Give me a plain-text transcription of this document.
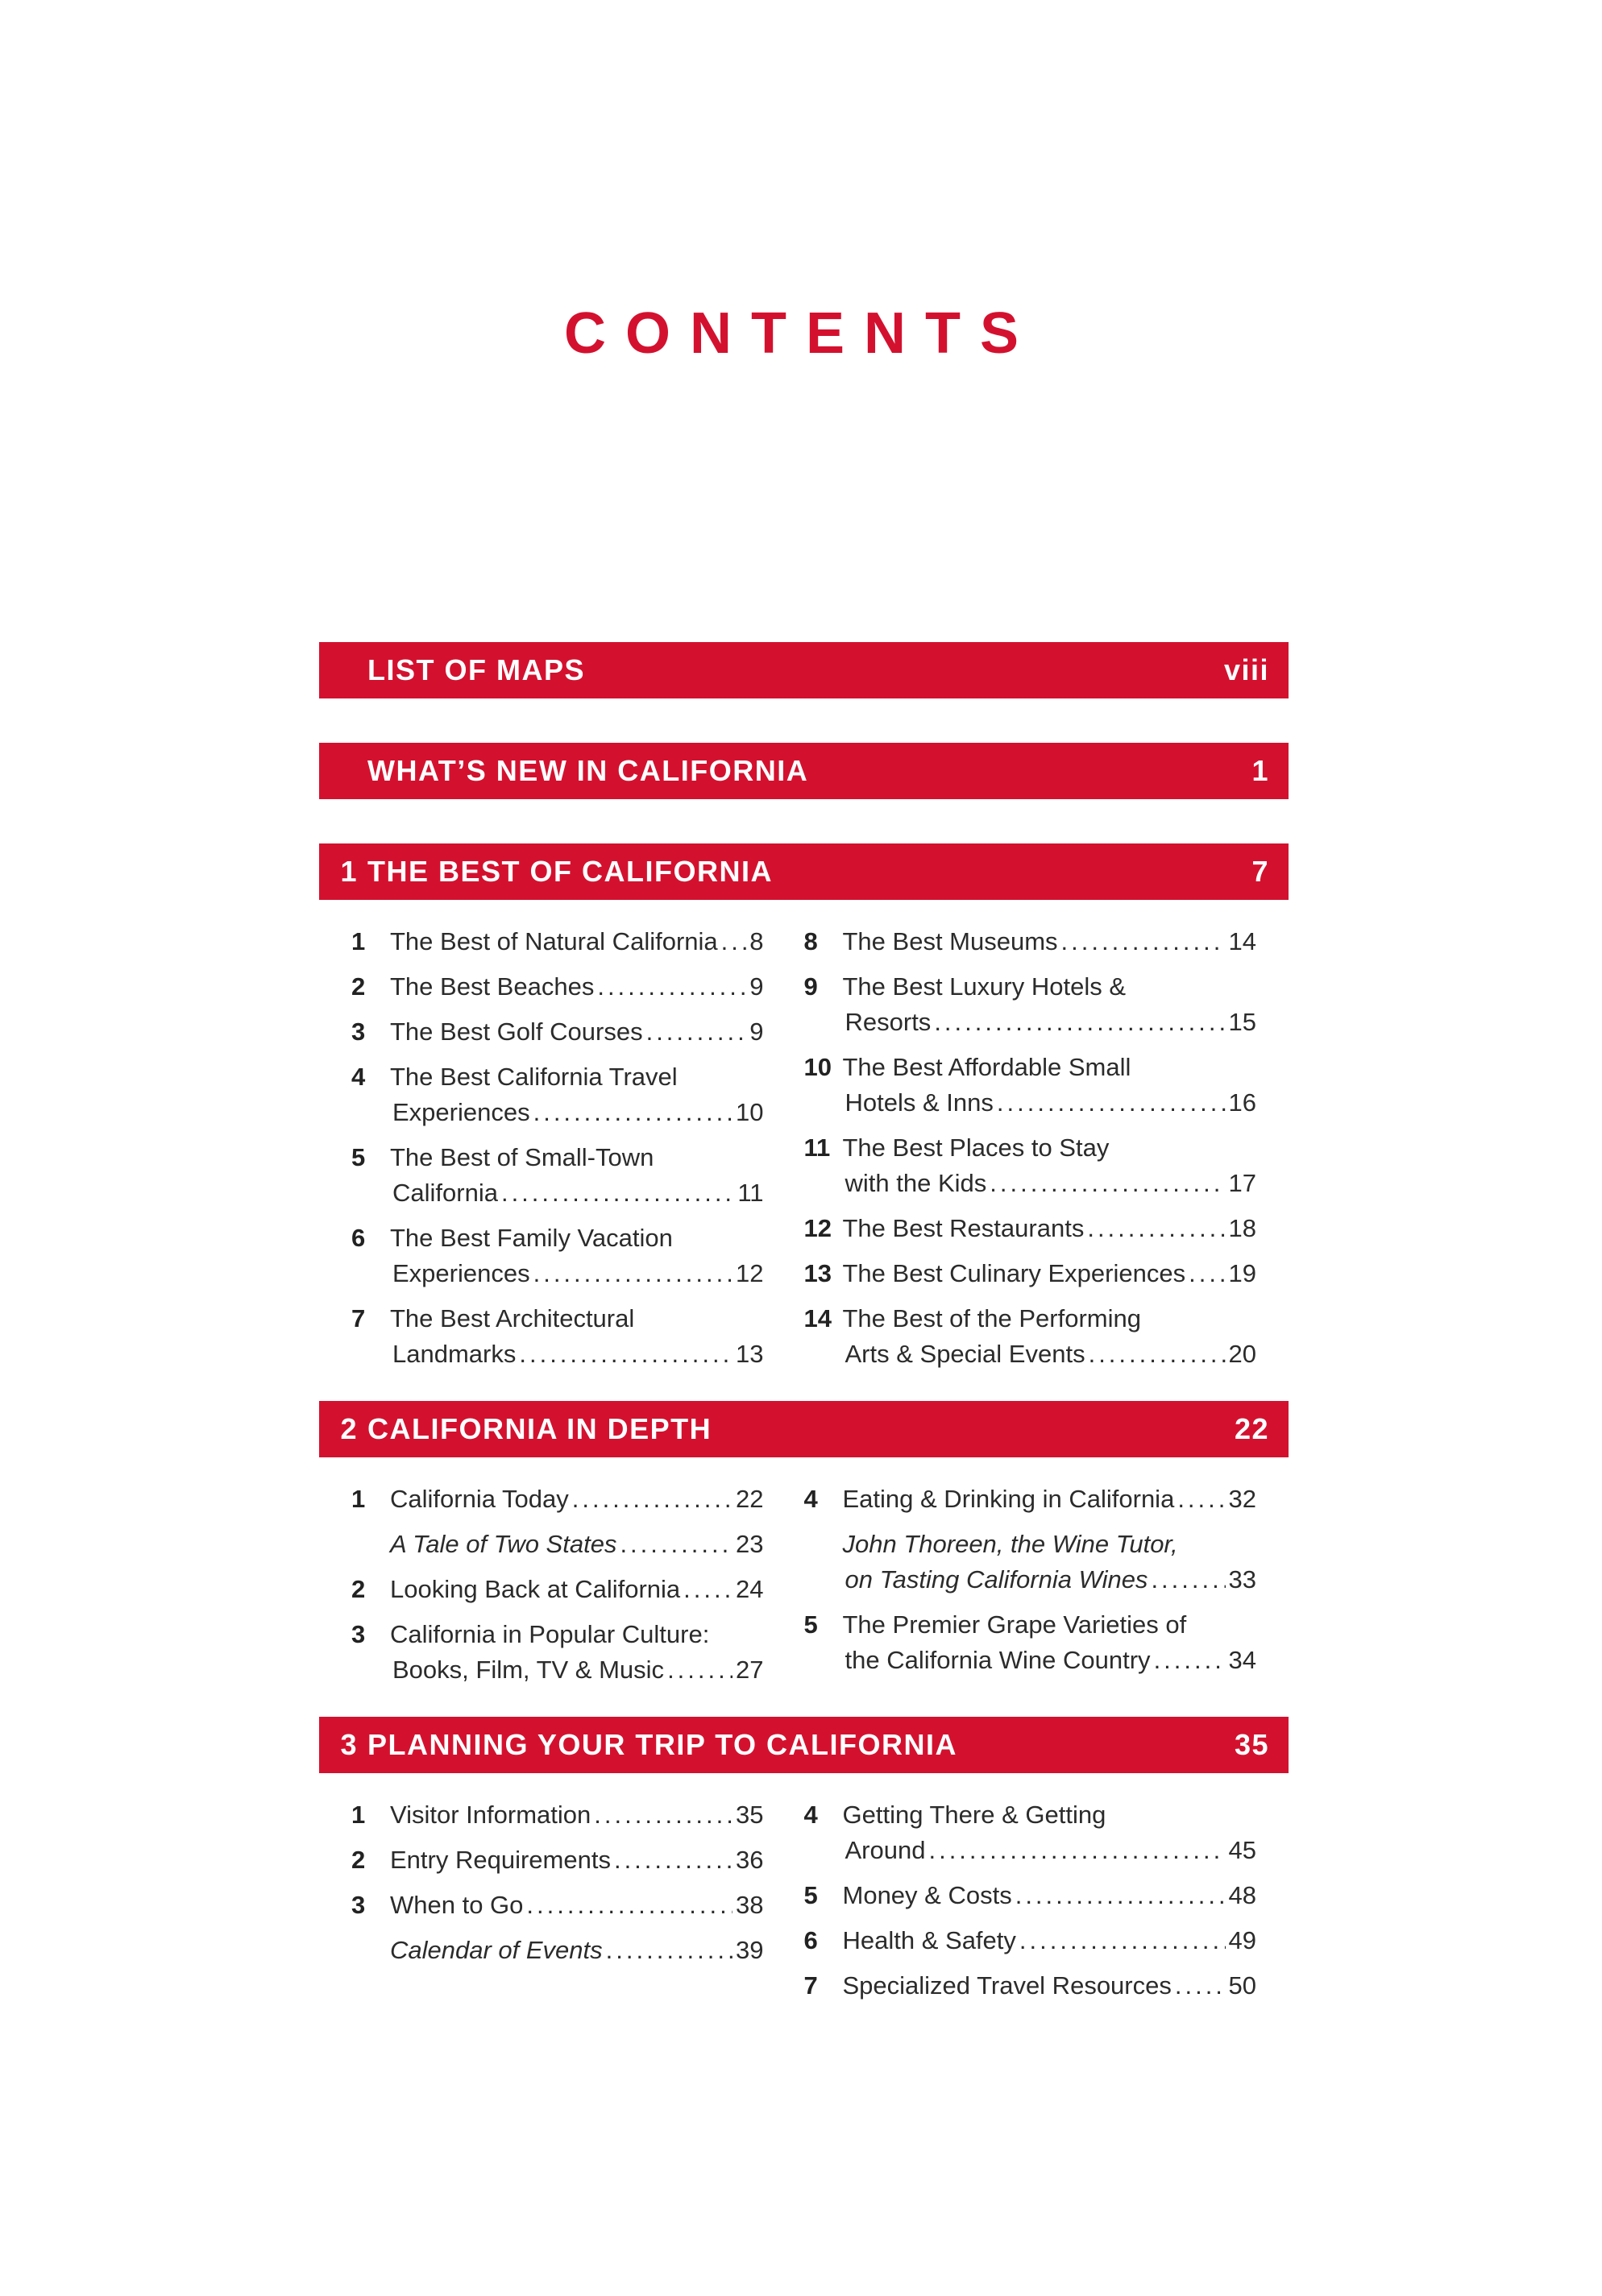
CONTENTS
LIST OF MAPS	viii
WHAT’S NEW IN CALIFORNIA	1
1 THE BEST OF CALIFORNIA	7
1 The Best of Natural California ..... 8
2 The Best Beaches .....	9
3 The Best Golf Courses .....	9
4 The Best California Travel
Experiences .....	10
5 The Best of Small-Town
California .....	11
6 The Best Family Vacation
Experiences .....	12
7 The Best Architectural
Landmarks .....	13
8 The Best Museums .....	14
9 The Best Luxury Hotels &
Resorts .....	15
10 The Best Affordable Small
Hotels & Inns .....	16
11 The Best Places to Stay
with the Kids .....	17
12 The Best Restaurants .....	18
13 The Best Culinary Experiences ..... 19
14 The Best of the Performing
Arts & Special Events .....	20
2 CALIFORNIA IN DEPTH	22
1 California Today .....	22
A Tale of Two States .....	23
2 Looking Back at California ..... 24
3 California in Popular Culture:
Books, Film, TV & Music .....	27
4 Eating & Drinking in California ..... 32
John Thoreen, the Wine Tutor,
on Tasting California Wines .....	33
5 The Premier Grape Varieties of
the California Wine Country .....	34
3 PLANNING YOUR TRIP TO CALIFORNIA	35
1 Visitor Information .....	35
2 Entry Requirements .....	36
3 When to Go .....	38
Calendar of Events .....	39
4 Getting There & Getting
Around .....	45
5 Money & Costs .....	48
6 Health & Safety .....	49
7 Specialized Travel Resources ..... 50
